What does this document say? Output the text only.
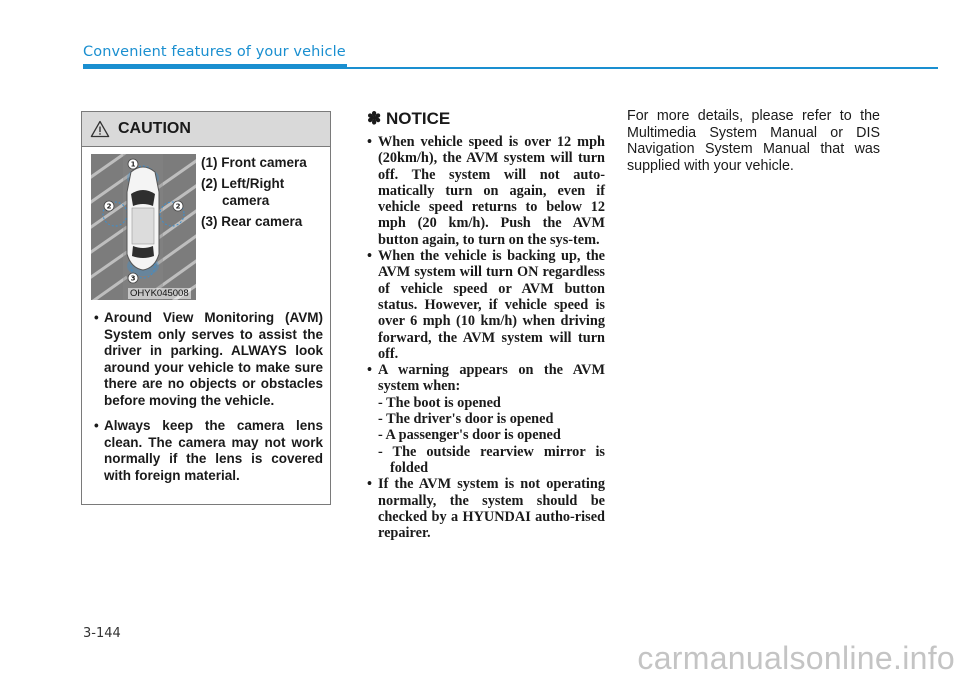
Convenient features of your vehicle
CAUTION
1
2	2
3
OHYK045008
(1) Front camera
(2) Left/Right camera
(3) Rear camera
• Around View Monitoring (AVM) System only serves to assist the driver in parking. ALWAYS look around your vehicle to make sure there are no objects or obstacles before moving the vehicle.
• Always keep the camera lens clean. The camera may not work normally if the lens is covered with foreign material.
✽ NOTICE
• When vehicle speed is over 12 mph (20km/h), the AVM system will turn off. The system will not auto-matically turn on again, even if vehicle speed returns to below 12 mph (20 km/h). Push the AVM button again, to turn on the sys-tem.
• When the vehicle is backing up, the AVM system will turn ON regardless of vehicle speed or AVM button status. However, if vehicle speed is over 6 mph (10 km/h) when driving forward, the AVM system will turn off.
• A warning appears on the AVM system when:
- The boot is opened
- The driver's door is opened
- A passenger's door is opened
- The outside rearview mirror is folded
• If the AVM system is not operating normally, the system should be checked by a HYUNDAI autho-rised repairer.
For more details, please refer to the Multimedia System Manual or DIS Navigation System Manual that was supplied with your vehicle.
3-144
carmanualsonline.info
